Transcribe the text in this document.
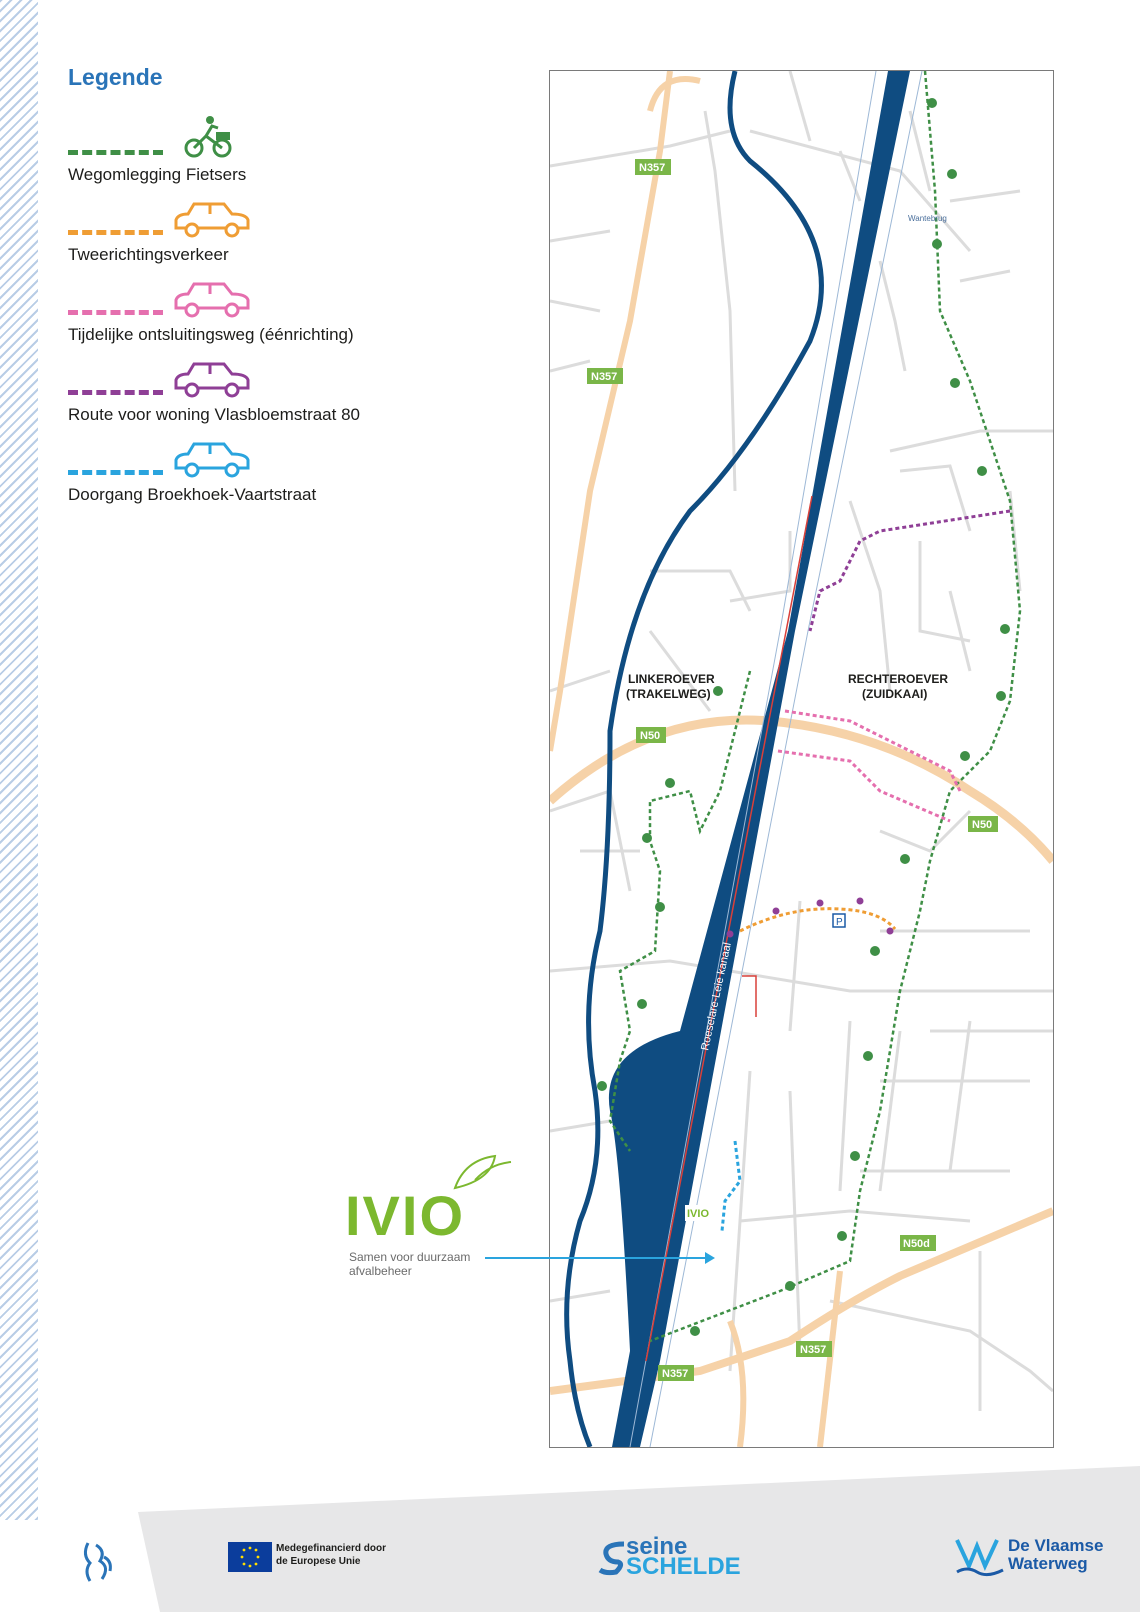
Legende
Wegomlegging Fietsers
Tweerichtingsverkeer
Tijdelijke ontsluitingsweg (éénrichting)
Route voor woning Vlasbloemstraat 80
Doorgang Broekhoek-Vaartstraat
P
N357
N357
N50
N50
N50d
N357
N357
Roeselare-Leie kanaal
Roeselare-Leie kanaal
LINKEROEVER
(TRAKELWEG)
RECHTEROEVER
(ZUIDKAAI)
Wantebrug
IVIO
IVIO
Samen voor duurzaam
afvalbeheer
Medegefinancierd door
de Europese Unie
seine
SCHELDE
De Vlaamse
Waterweg
